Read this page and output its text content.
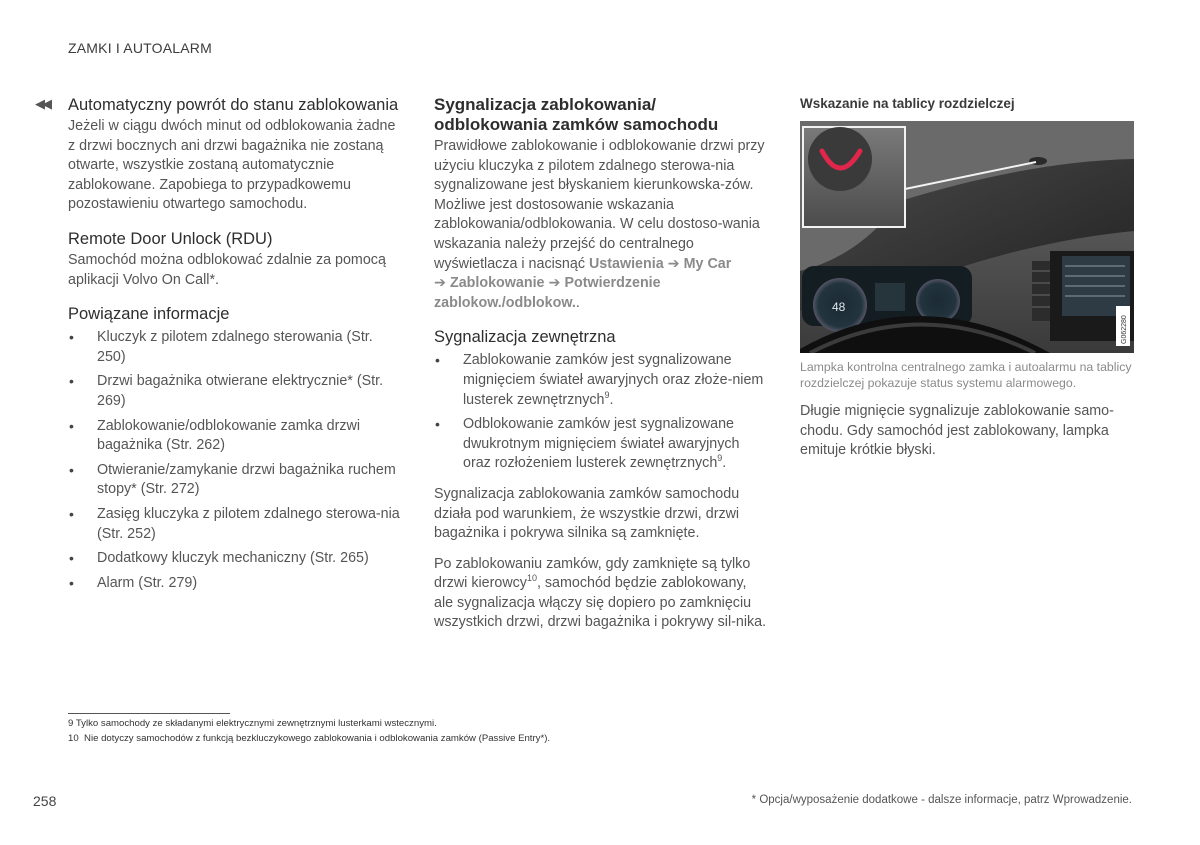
ZAMKI I AUTOALARM
◀◀ Automatyczny powrót do stanu zablokowania

Jeżeli w ciągu dwóch minut od odblokowania żadne z drzwi bocznych ani drzwi bagażnika nie zostaną otwarte, wszystkie zostaną automatycznie zablokowane. Zapobiega to przypadkowemu pozostawieniu otwartego samochodu.

Remote Door Unlock (RDU)

Samochód można odblokować zdalnie za pomocą aplikacji Volvo On Call*.

Powiązane informacje
• Kluczyk z pilotem zdalnego sterowania (Str. 250)
• Drzwi bagażnika otwierane elektrycznie* (Str. 269)
• Zablokowanie/odblokowanie zamka drzwi bagażnika (Str. 262)
• Otwieranie/zamykanie drzwi bagażnika ruchem stopy* (Str. 272)
• Zasięg kluczyka z pilotem zdalnego sterowa-nia (Str. 252)
• Dodatkowy kluczyk mechaniczny (Str. 265)
• Alarm (Str. 279)
Sygnalizacja zablokowania/ odblokowania zamków samochodu

Prawidłowe zablokowanie i odblokowanie drzwi przy użyciu kluczyka z pilotem zdalnego sterowa-nia sygnalizowane jest błyskaniem kierunkowska-zów. Możliwe jest dostosowanie wskazania zablokowania/odblokowania. W celu dostoso-wania wskazania należy przejść do centralnego wyświetlacza i nacisnąć Ustawienia ➔ My Car
➔ Zablokowanie ➔ Potwierdzenie zablokow./odblokow..

Sygnalizacja zewnętrzna
• Zablokowanie zamków jest sygnalizowane mignięciem świateł awaryjnych oraz złoże-niem lusterek zewnętrznych$^9$.
• Odblokowanie zamków jest sygnalizowane dwukrotnym mignięciem świateł awaryjnych oraz rozłożeniem lusterek zewnętrznych$^9$.

Sygnalizacja zablokowania zamków samochodu działa pod warunkiem, że wszystkie drzwi, drzwi bagażnika i pokrywa silnika są zamknięte.

Po zablokowaniu zamków, gdy zamknięte są tylko drzwi kierowcy$^{10}$, samochód będzie zablokowany, ale sygnalizacja włączy się dopiero po zamknięciu wszystkich drzwi, drzwi bagażnika i pokrywy sil-nika.

Wskazanie na tablicy rozdzielczej
48
G062280

Lampka kontrolna centralnego zamka i autoalarmu na tablicy rozdzielczej pokazuje status systemu alarmowego.

Długie mignięcie sygnalizuje zablokowanie samo-chodu. Gdy samochód jest zablokowany, lampka emituje krótkie błyski.

9 Tylko samochody ze składanymi elektrycznymi zewnętrznymi lusterkami wstecznymi.
10 Nie dotyczy samochodów z funkcją bezkluczykowego zablokowania i odblokowania zamków (Passive Entry*).
258	* Opcja/wyposażenie dodatkowe - dalsze informacje, patrz Wprowadzenie.
